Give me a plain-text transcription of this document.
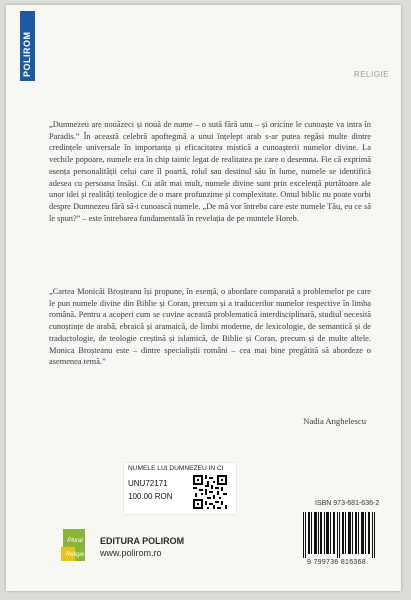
POLIROM	RELIGIE

„Dumnezeu are nouăzeci și nouă de nume – o sută fără unu – și oricine le cunoaște va intra în Paradis.” În această celebră apoftegmă a unui înțelept arab s-ar putea regăsi multe dintre credințele universale în importanța și eficacitatea mistică a cunoașterii numelor divine. La vechile popoare, numele era în chip tainic legat de realitatea pe care o desemna. Fie că exprimă esența personalității celui care îl poartă, rolul sau destinul său în lume, numele se identifică adesea cu persoana însăși. Cu atât mai mult, numele divine sunt prin excelență purtătoare ale unor idei și realități teologice de o mare profunzime și complexitate. Omul biblic nu poate vorbi despre Dumnezeu fără să-i cunoască numele. „De mă vor întreba care este numele Tău, eu ce să le spun?” – este întrebarea fundamentală în revelația de pe muntele Horeb.

„Cartea Monicăi Broșteanu își propune, în esență, o abordare comparată a problemelor pe care le pun numele divine din Biblie și Coran, precum și a traducerilor numelor respective în limba română. Pentru a acoperi cum se cuvine această problematică interdisciplinară, studiul necesită cunoștințe de arabă, ebraică și aramaică, de limbi moderne, de lexicologie, de semantică și de traductologie, de teologie creștină și islamică, de Biblie și Coran, precum și de multe altele. Monica Broșteanu este – dintre specialiștii români – cea mai bine pregătită să abordeze o asemenea temă.”

Nadia Anghelescu
NUMELE LUI DUMNEZEU IN CI
UNU72171
100.00 RON
ISBN 973-681-636-2
9 799736 816368
Plural
Religie
EDITURA POLIROM
www.polirom.ro
